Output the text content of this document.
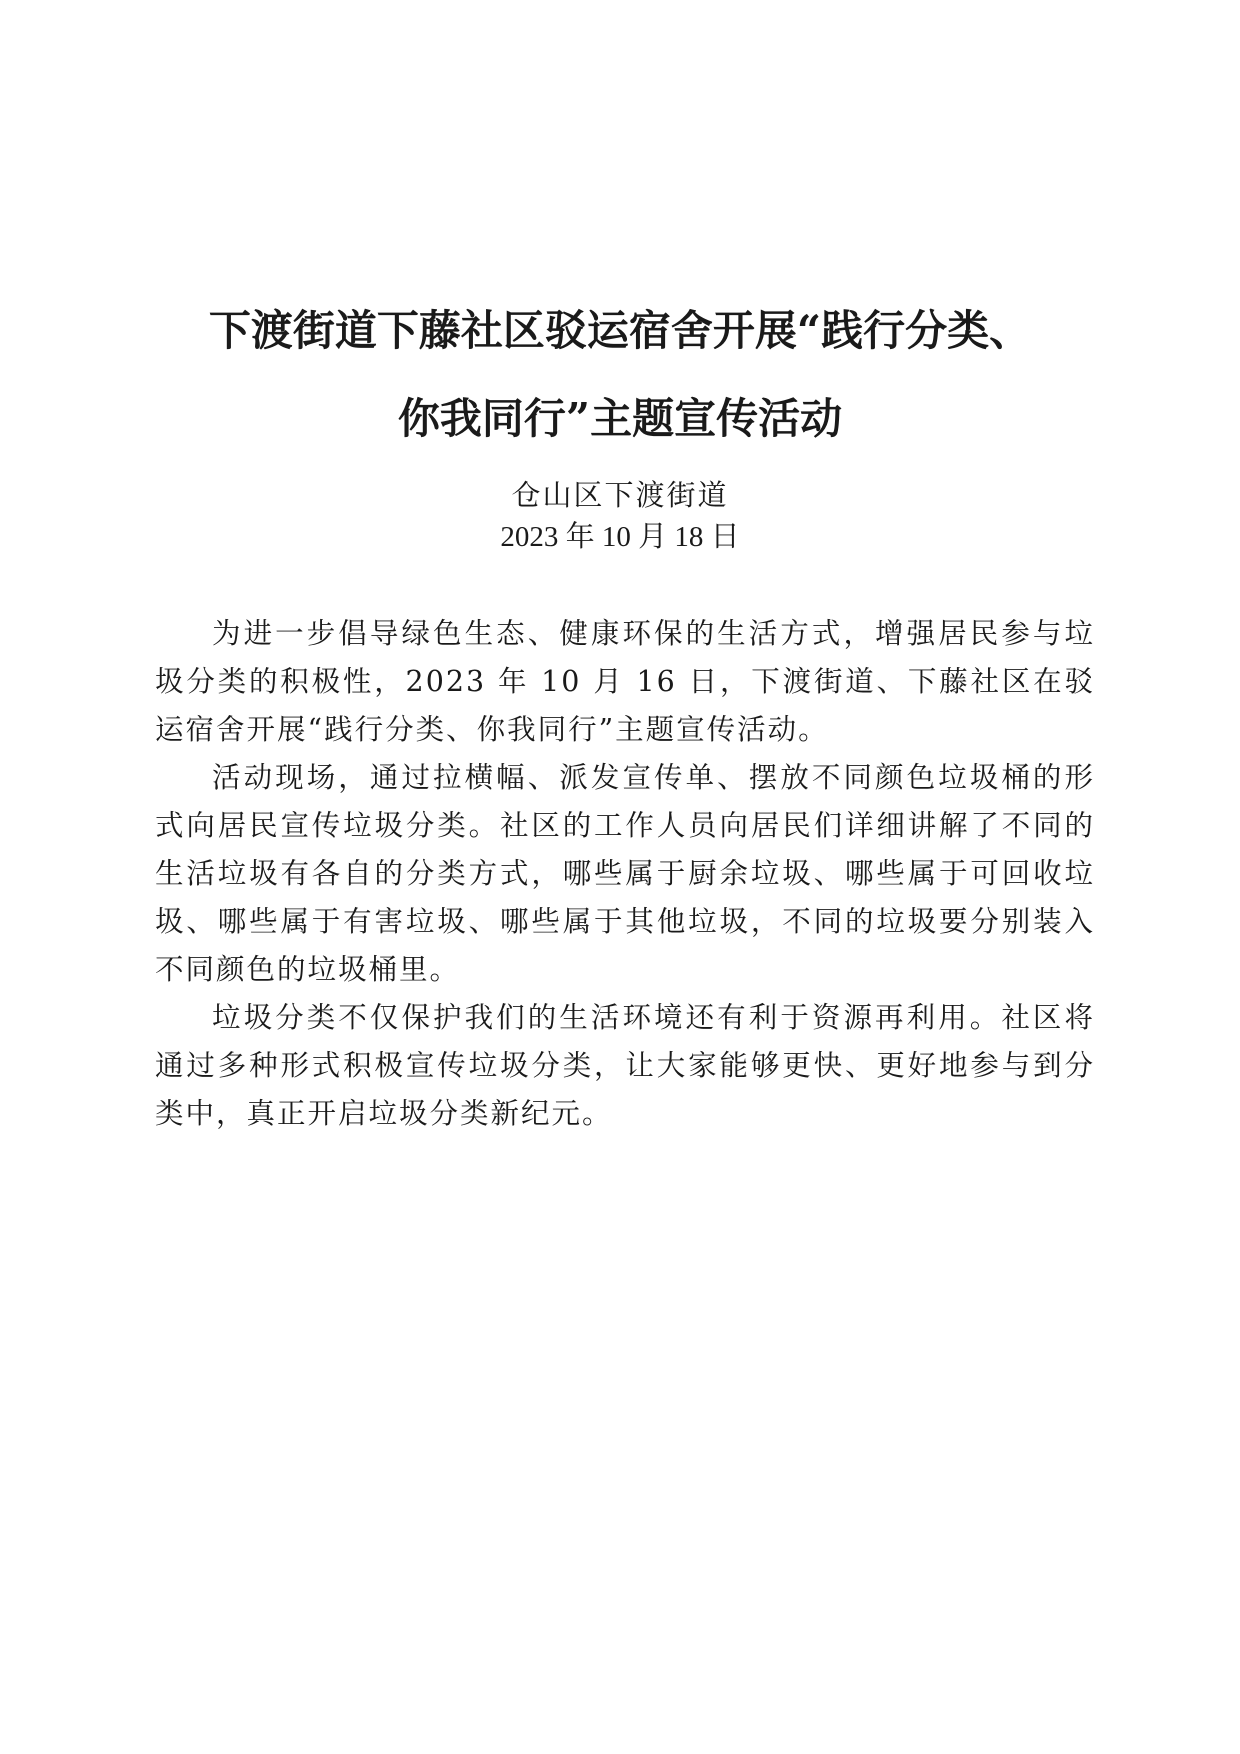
下渡街道下藤社区驳运宿舍开展“践行分类、
你我同行”主题宣传活动
仓山区下渡街道
2023 年 10 月 18 日

为进一步倡导绿色生态、健康环保的生活方式，增强居民参与垃圾分类的积极性，2023 年 10 月 16 日，下渡街道、下藤社区在驳运宿舍开展“践行分类、你我同行”主题宣传活动。

活动现场，通过拉横幅、派发宣传单、摆放不同颜色垃圾桶的形式向居民宣传垃圾分类。社区的工作人员向居民们详细讲解了不同的生活垃圾有各自的分类方式，哪些属于厨余垃圾、哪些属于可回收垃圾、哪些属于有害垃圾、哪些属于其他垃圾，不同的垃圾要分别装入不同颜色的垃圾桶里。

垃圾分类不仅保护我们的生活环境还有利于资源再利用。社区将通过多种形式积极宣传垃圾分类，让大家能够更快、更好地参与到分类中，真正开启垃圾分类新纪元。
